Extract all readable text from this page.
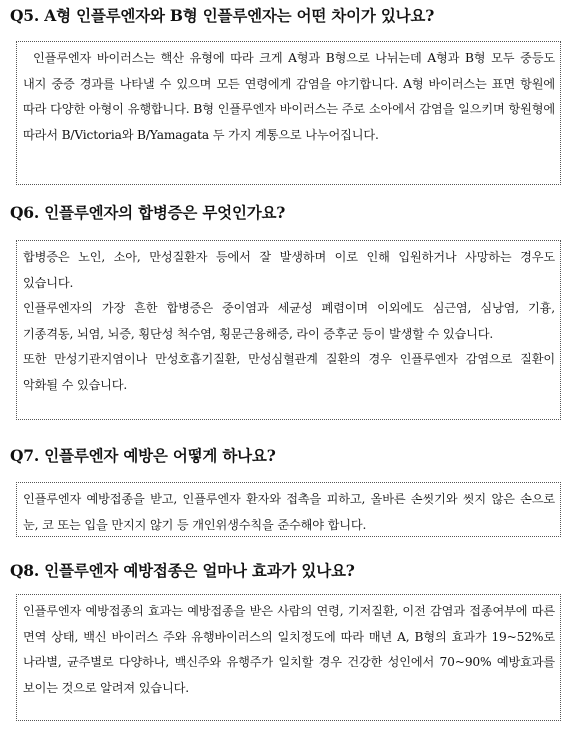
Q5. A형 인플루엔자와 B형 인플루엔자는 어떤 차이가 있나요?

인플루엔자 바이러스는 핵산 유형에 따라 크게 A형과 B형으로 나뉘는데 A형과 B형 모두 중등도 내지 중증 경과를 나타낼 수 있으며 모든 연령에게 감염을 야기합니다. A형 바이러스는 표면 항원에 따라 다양한 아형이 유행합니다. B형 인플루엔자 바이러스는 주로 소아에서 감염을 일으키며 항원형에 따라서 B/Victoria와 B/Yamagata 두 가지 계통으로 나누어집니다.

Q6. 인플루엔자의 합병증은 무엇인가요?

합병증은 노인, 소아, 만성질환자 등에서 잘 발생하며 이로 인해 입원하거나 사망하는 경우도 있습니다.

인플루엔자의 가장 흔한 합병증은 중이염과 세균성 폐렴이며 이외에도 심근염, 심낭염, 기흉, 기종격동, 뇌염, 뇌증, 횡단성 척수염, 횡문근융해증, 라이 증후군 등이 발생할 수 있습니다.

또한 만성기관지염이나 만성호흡기질환, 만성심혈관계 질환의 경우 인플루엔자 감염으로 질환이 악화될 수 있습니다.

Q7. 인플루엔자 예방은 어떻게 하나요?

인플루엔자 예방접종을 받고, 인플루엔자 환자와 접촉을 피하고, 올바른 손씻기와 씻지 않은 손으로 눈, 코 또는 입을 만지지 않기 등 개인위생수칙을 준수해야 합니다.

Q8. 인플루엔자 예방접종은 얼마나 효과가 있나요?

인플루엔자 예방접종의 효과는 예방접종을 받은 사람의 연령, 기저질환, 이전 감염과 접종여부에 따른 면역 상태, 백신 바이러스 주와 유행바이러스의 일치정도에 따라 매년 A, B형의 효과가 19~52%로 나라별, 균주별로 다양하나, 백신주와 유행주가 일치할 경우 건강한 성인에서 70~90% 예방효과를 보이는 것으로 알려져 있습니다.
